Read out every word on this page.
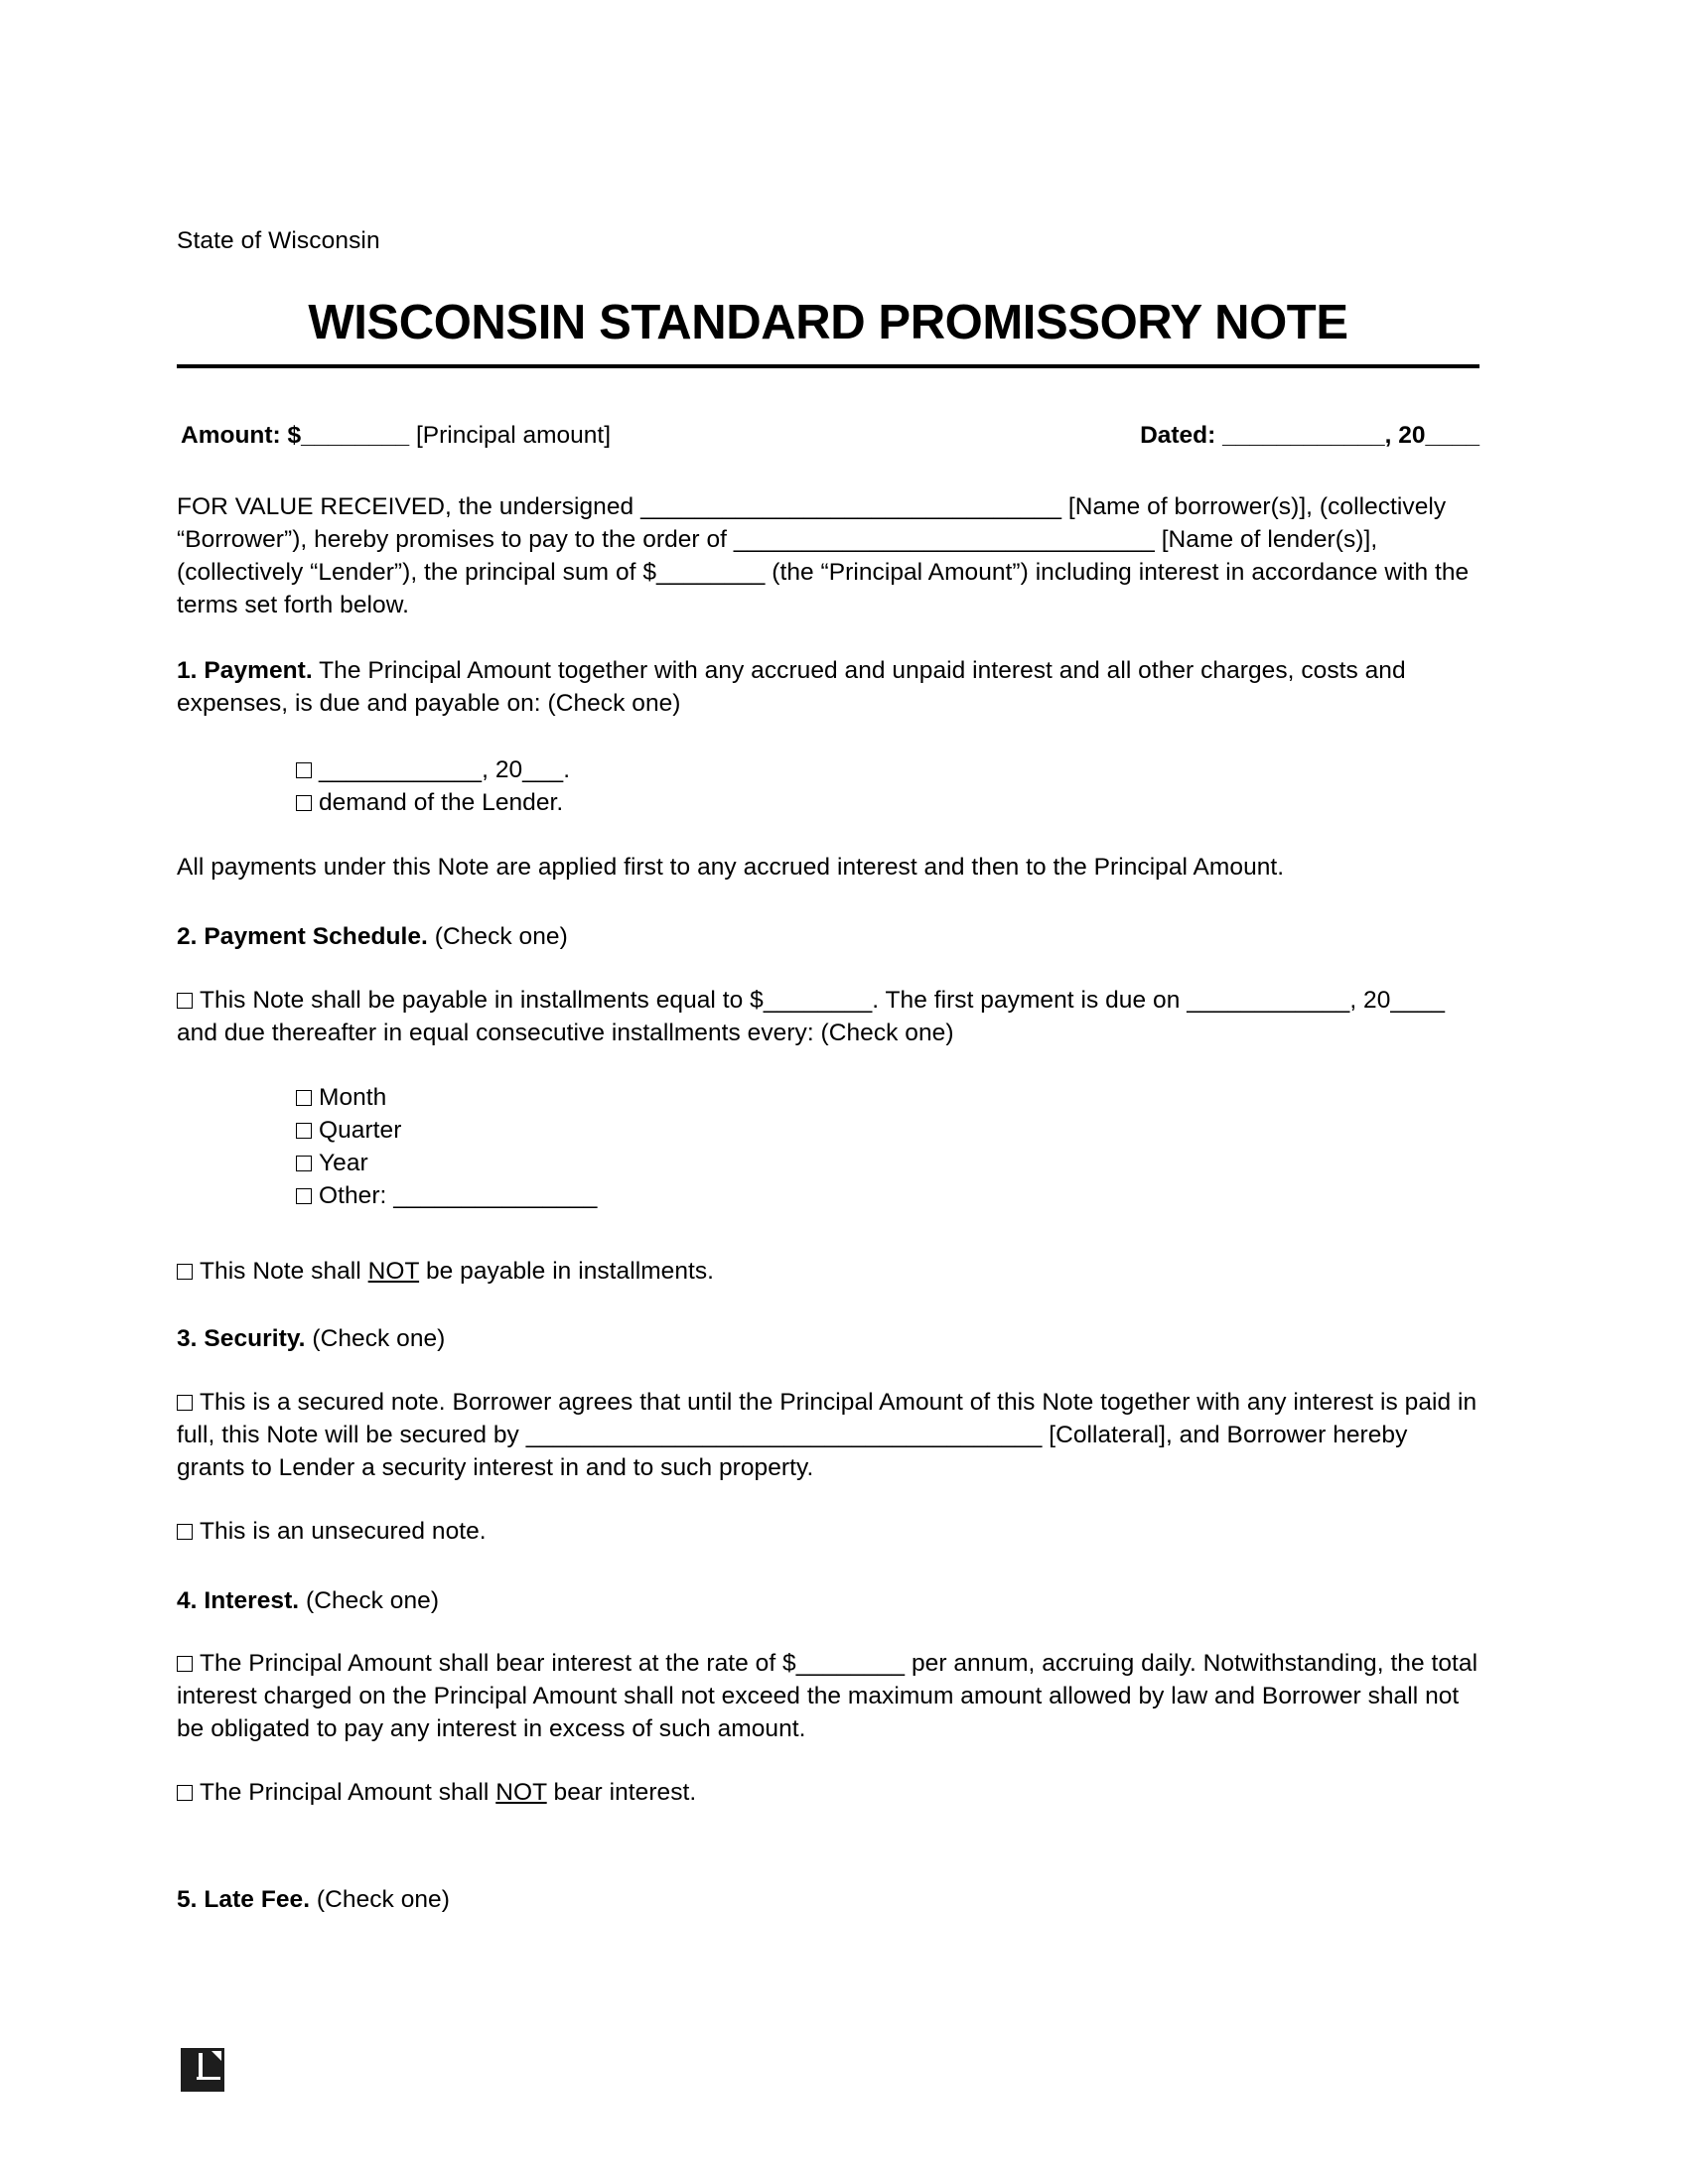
State of Wisconsin
WISCONSIN STANDARD PROMISSORY NOTE
Amount: $________ [Principal amount]	Dated: ____________, 20____
FOR VALUE RECEIVED, the undersigned _______________________________ [Name of borrower(s)], (collectively “Borrower”), hereby promises to pay to the order of _______________________________ [Name of lender(s)], (collectively “Lender”), the principal sum of $________ (the “Principal Amount”) including interest in accordance with the terms set forth below.
1. Payment. The Principal Amount together with any accrued and unpaid interest and all other charges, costs and expenses, is due and payable on: (Check one)
____________, 20___.
demand of the Lender.
All payments under this Note are applied first to any accrued interest and then to the Principal Amount.
2. Payment Schedule. (Check one)
This Note shall be payable in installments equal to $________. The first payment is due on ____________, 20____ and due thereafter in equal consecutive installments every: (Check one)
Month
Quarter
Year
Other: _______________
This Note shall NOT be payable in installments.
3. Security. (Check one)
This is a secured note. Borrower agrees that until the Principal Amount of this Note together with any interest is paid in full, this Note will be secured by ______________________________________ [Collateral], and Borrower hereby grants to Lender a security interest in and to such property.
This is an unsecured note.
4. Interest. (Check one)
The Principal Amount shall bear interest at the rate of $________ per annum, accruing daily. Notwithstanding, the total interest charged on the Principal Amount shall not exceed the maximum amount allowed by law and Borrower shall not be obligated to pay any interest in excess of such amount.
The Principal Amount shall NOT bear interest.
5. Late Fee. (Check one)
